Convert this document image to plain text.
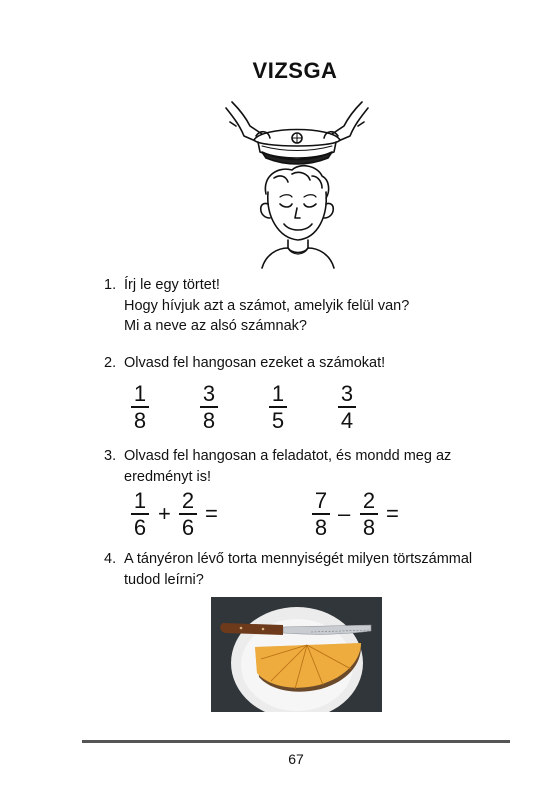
VIZSGA
1. Írj le egy törtet!
Hogy hívjuk azt a számot, amelyik felül van?
Mi a neve az alsó számnak?
2. Olvasd fel hangosan ezeket a számokat!
1
8
3
8
1
5
3
4
3. Olvasd fel hangosan a feladatot, és mondd meg az
eredményt is!
1
6
+
2
6
=
7
8
–
2
8
=
4. A tányéron lévő torta mennyiségét milyen törtszámmal
tudod leírni?
67
